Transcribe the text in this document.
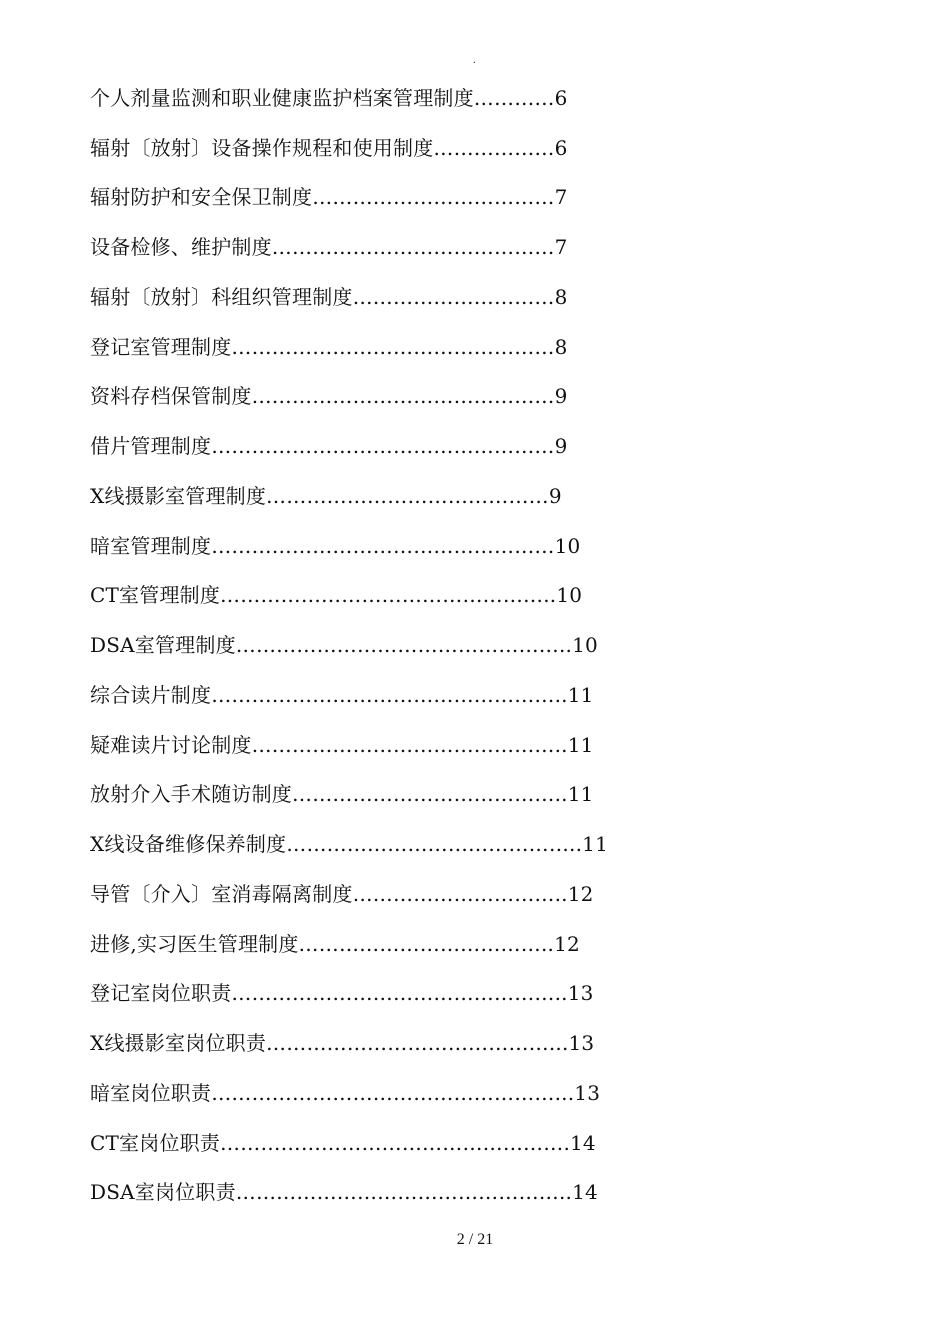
.
个人剂量监测和职业健康监护档案管理制度…………6
辐射〔放射〕设备操作规程和使用制度………………6
辐射防护和安全保卫制度………………………………7
设备检修、维护制度……………………………………7
辐射〔放射〕科组织管理制度…………………………8
登记室管理制度…………………………………………8
资料存档保管制度………………………………………9
借片管理制度……………………………………………9
X线摄影室管理制度……………………………………9
暗室管理制度……………………………………………10
CT室管理制度…………………………………………..10
DSA室管理制度…………………………………………..10
综合读片制度……………………………………………..11
疑难读片讨论制度………………………………………..11
放射介入手术随访制度…………………………………..11
X线设备维修保养制度……………………………………..11
导管〔介入〕室消毒隔离制度…………………………..12
进修,实习医生管理制度………………………………..12
登记室岗位职责…………………………………………..13
X线摄影室岗位职责……………………………………...13
暗室岗位职责……………………………………………...13
CT室岗位职责…………………………………………….14
DSA室岗位职责…………………………………………..14
2 / 21
